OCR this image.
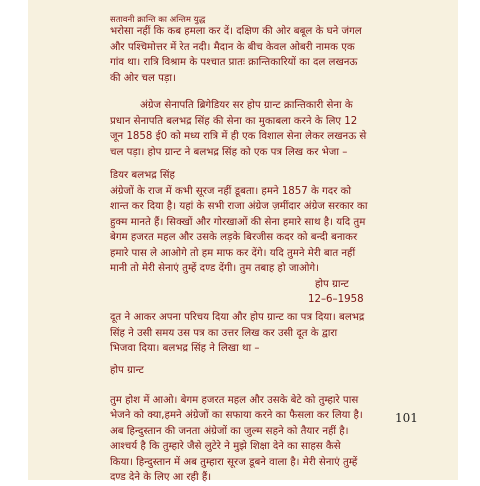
सतावनी क्रान्ति का अन्तिम युद्ध
भरोसा नहीं कि कब हमला कर दें। दक्षिण की ओर बबूल के घने जंगल
और पश्चिमोत्तर में रेत नदी। मैदान के बीच केवल ओबरी नामक एक
गांव था। रात्रि विश्राम के पश्चात प्रातः क्रान्तिकारियों का दल लखनऊ
की ओर चल पड़ा।
अंग्रेज सेनापति ब्रिगेडियर सर होप ग्रान्ट क्रान्तिकारी सेना के
प्रधान सेनापति बलभद्र सिंह की सेना का मुकाबला करने के लिए 12
जून 1858 ई0 को मध्य रात्रि में ही एक विशाल सेना लेकर लखनऊ से
चल पड़ा। होप ग्रान्ट ने बलभद्र सिंह को एक पत्र लिख कर भेजा –
डियर बलभद्र सिंह
अंग्रेजों के राज में कभी सूरज नहीं डूबता। हमने 1857 के गदर को
शान्त कर दिया है। यहां के सभी राजा अंग्रेज ज़मींदार अंग्रेज सरकार का
हुक्म मानते हैं। सिक्खों और गोरखाओं की सेना हमारे साथ है। यदि तुम
बेगम हजरत महल और उसके लड़के बिरजीस कदर को बन्दी बनाकर
हमारे पास ले आओगे तो हम माफ कर देंगे। यदि तुमने मेरी बात नहीं
मानी तो मेरी सेनाएं तुम्हें दण्ड देंगी। तुम तबाह हो जाओगे।
होप ग्रान्ट
12–6–1958
दूत ने आकर अपना परिचय दिया और होप ग्रान्ट का पत्र दिया। बलभद्र
सिंह ने उसी समय उस पत्र का उत्तर लिख कर उसी दूत के द्वारा
भिजवा दिया। बलभद्र सिंह ने लिखा था –
होप ग्रान्ट
तुम होश में आओ। बेगम हजरत महल और उसके बेटे को तुम्हारे पास
भेजने को क्या,हमने अंग्रेजों का सफाया करने का फैसला कर लिया है।
अब हिन्दुस्तान की जनता अंग्रेजों का जुल्म सहने को तैयार नहीं है।
आश्चर्य है कि तुम्हारे जैसे लुटेरे ने मुझे शिक्षा देने का साहस कैसे
किया। हिन्दुस्तान में अब तुम्हारा सूरज डूबने वाला है। मेरी सेनाएं तुम्हें
दण्ड देने के लिए आ रही हैं।
101
